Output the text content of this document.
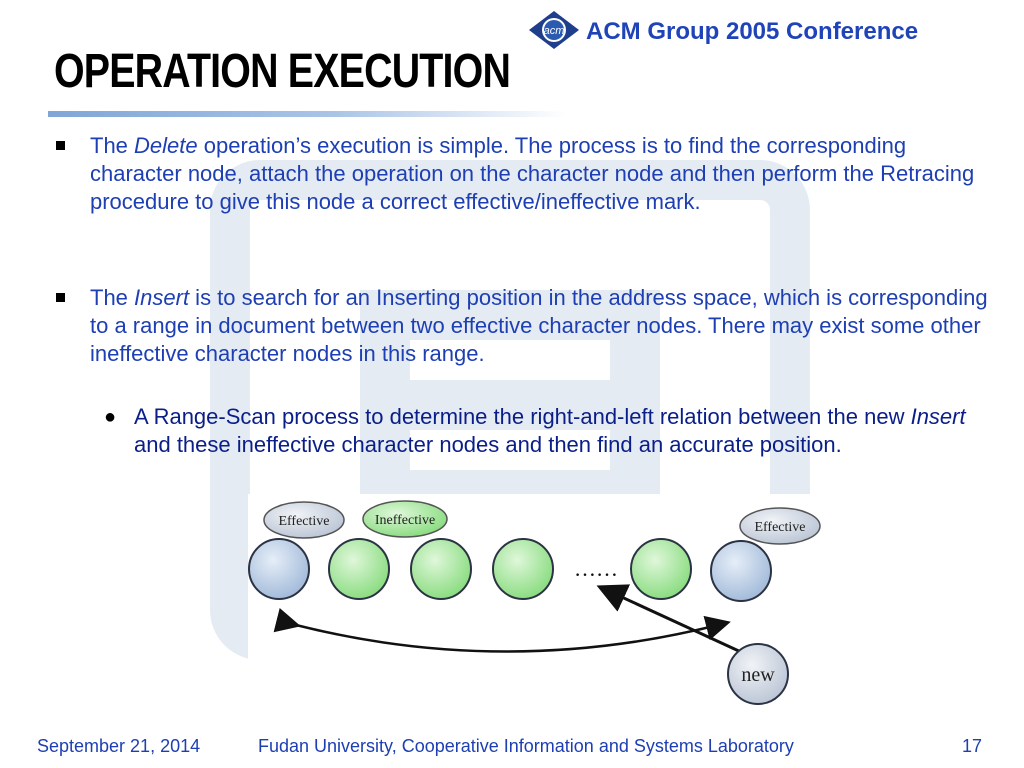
acm ACM Group 2005 Conference
OPERATION EXECUTION
The Delete operation’s execution is simple. The process is to find the corresponding character node, attach the operation on the character node and then perform the Retracing procedure to give this node a correct effective/ineffective mark.
The Insert is to search for an Inserting position in the address space, which is corresponding to a range in document between two effective character nodes. There may exist some other ineffective character nodes in this range.
● A Range-Scan process to determine the right-and-left relation between the new Insert and these ineffective character nodes and then find an accurate position.
Effective	Ineffective	Effective
……
new
September 21, 2014	Fudan University, Cooperative Information and Systems Laboratory	17
